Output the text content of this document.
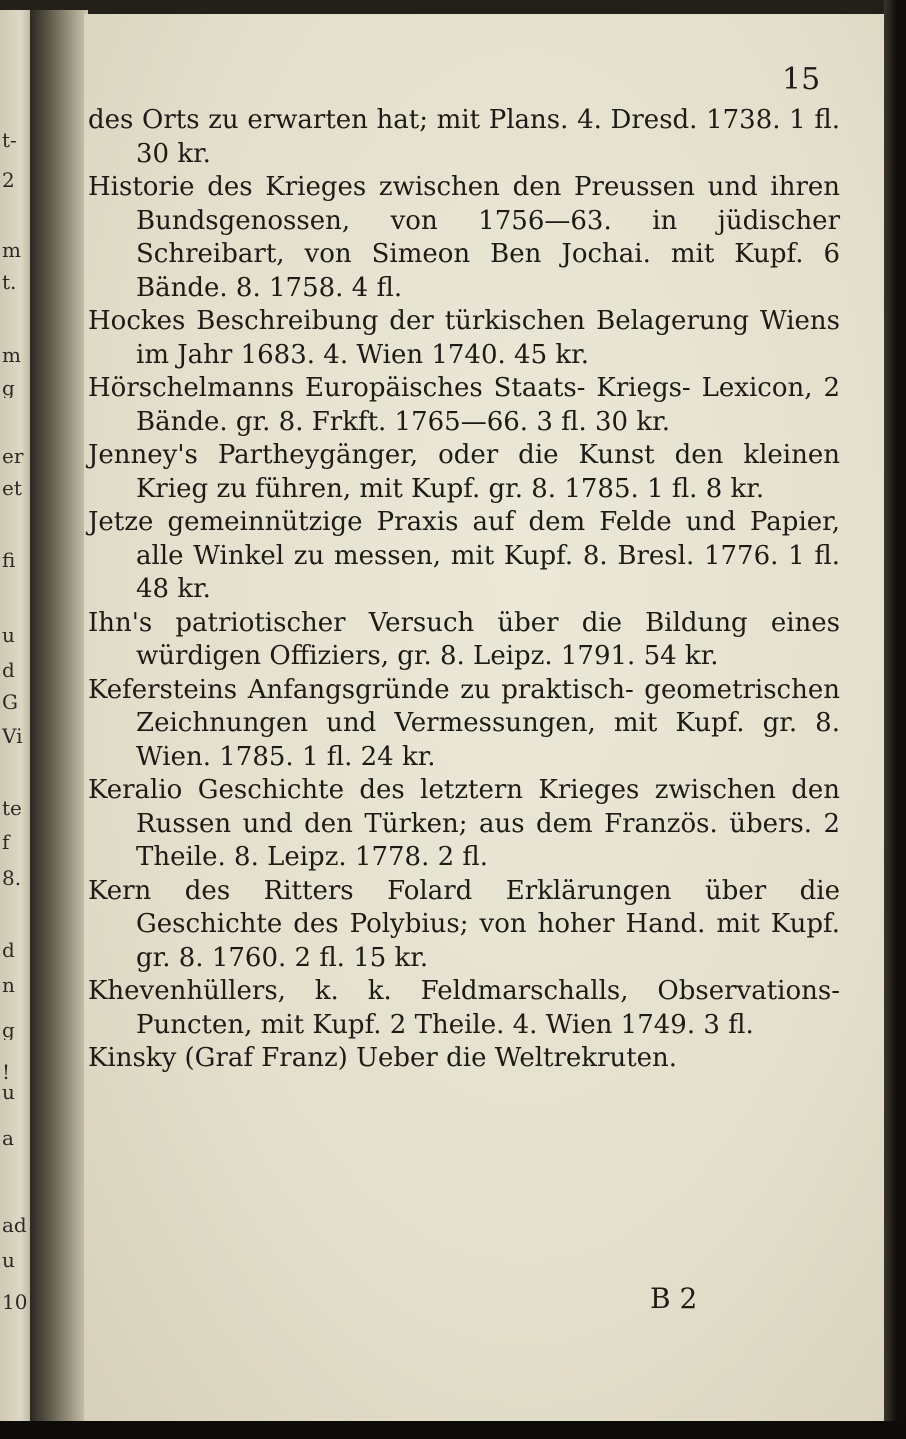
t-
2
m
t.
m
g
er
et
fi
u
d
G
Vi
te
f
8.
d
n
g
!
u
a
ad
u
10
15

des Orts zu erwarten hat; mit Plans. 4. Dresd. 1738. 1 fl. 30 kr.

Historie des Krieges zwischen den Preussen und ihren Bundsgenossen, von 1756—63. in jüdischer Schreibart, von Simeon Ben Jochai. mit Kupf. 6 Bände. 8. 1758. 4 fl.

Hockes Beschreibung der türkischen Belagerung Wiens im Jahr 1683. 4. Wien 1740. 45 kr.

Hörschelmanns Europäisches Staats- Kriegs- Lexicon, 2 Bände. gr. 8. Frkft. 1765—66. 3 fl. 30 kr.

Jenney's Partheygänger, oder die Kunst den kleinen Krieg zu führen, mit Kupf. gr. 8. 1785. 1 fl. 8 kr.

Jetze gemeinnützige Praxis auf dem Felde und Papier, alle Winkel zu messen, mit Kupf. 8. Bresl. 1776. 1 fl. 48 kr.

Ihn's patriotischer Versuch über die Bildung eines würdigen Offiziers, gr. 8. Leipz. 1791. 54 kr.

Kefersteins Anfangsgründe zu praktisch- geometrischen Zeichnungen und Vermessungen, mit Kupf. gr. 8. Wien. 1785. 1 fl. 24 kr.

Keralio Geschichte des letztern Krieges zwischen den Russen und den Türken; aus dem Französ. übers. 2 Theile. 8. Leipz. 1778. 2 fl.

Kern des Ritters Folard Erklärungen über die Geschichte des Polybius; von hoher Hand. mit Kupf. gr. 8. 1760. 2 fl. 15 kr.

Khevenhüllers, k. k. Feldmarschalls, Observations- Puncten, mit Kupf. 2 Theile. 4. Wien 1749. 3 fl.

Kinsky (Graf Franz) Ueber die Weltrekruten.

B 2
